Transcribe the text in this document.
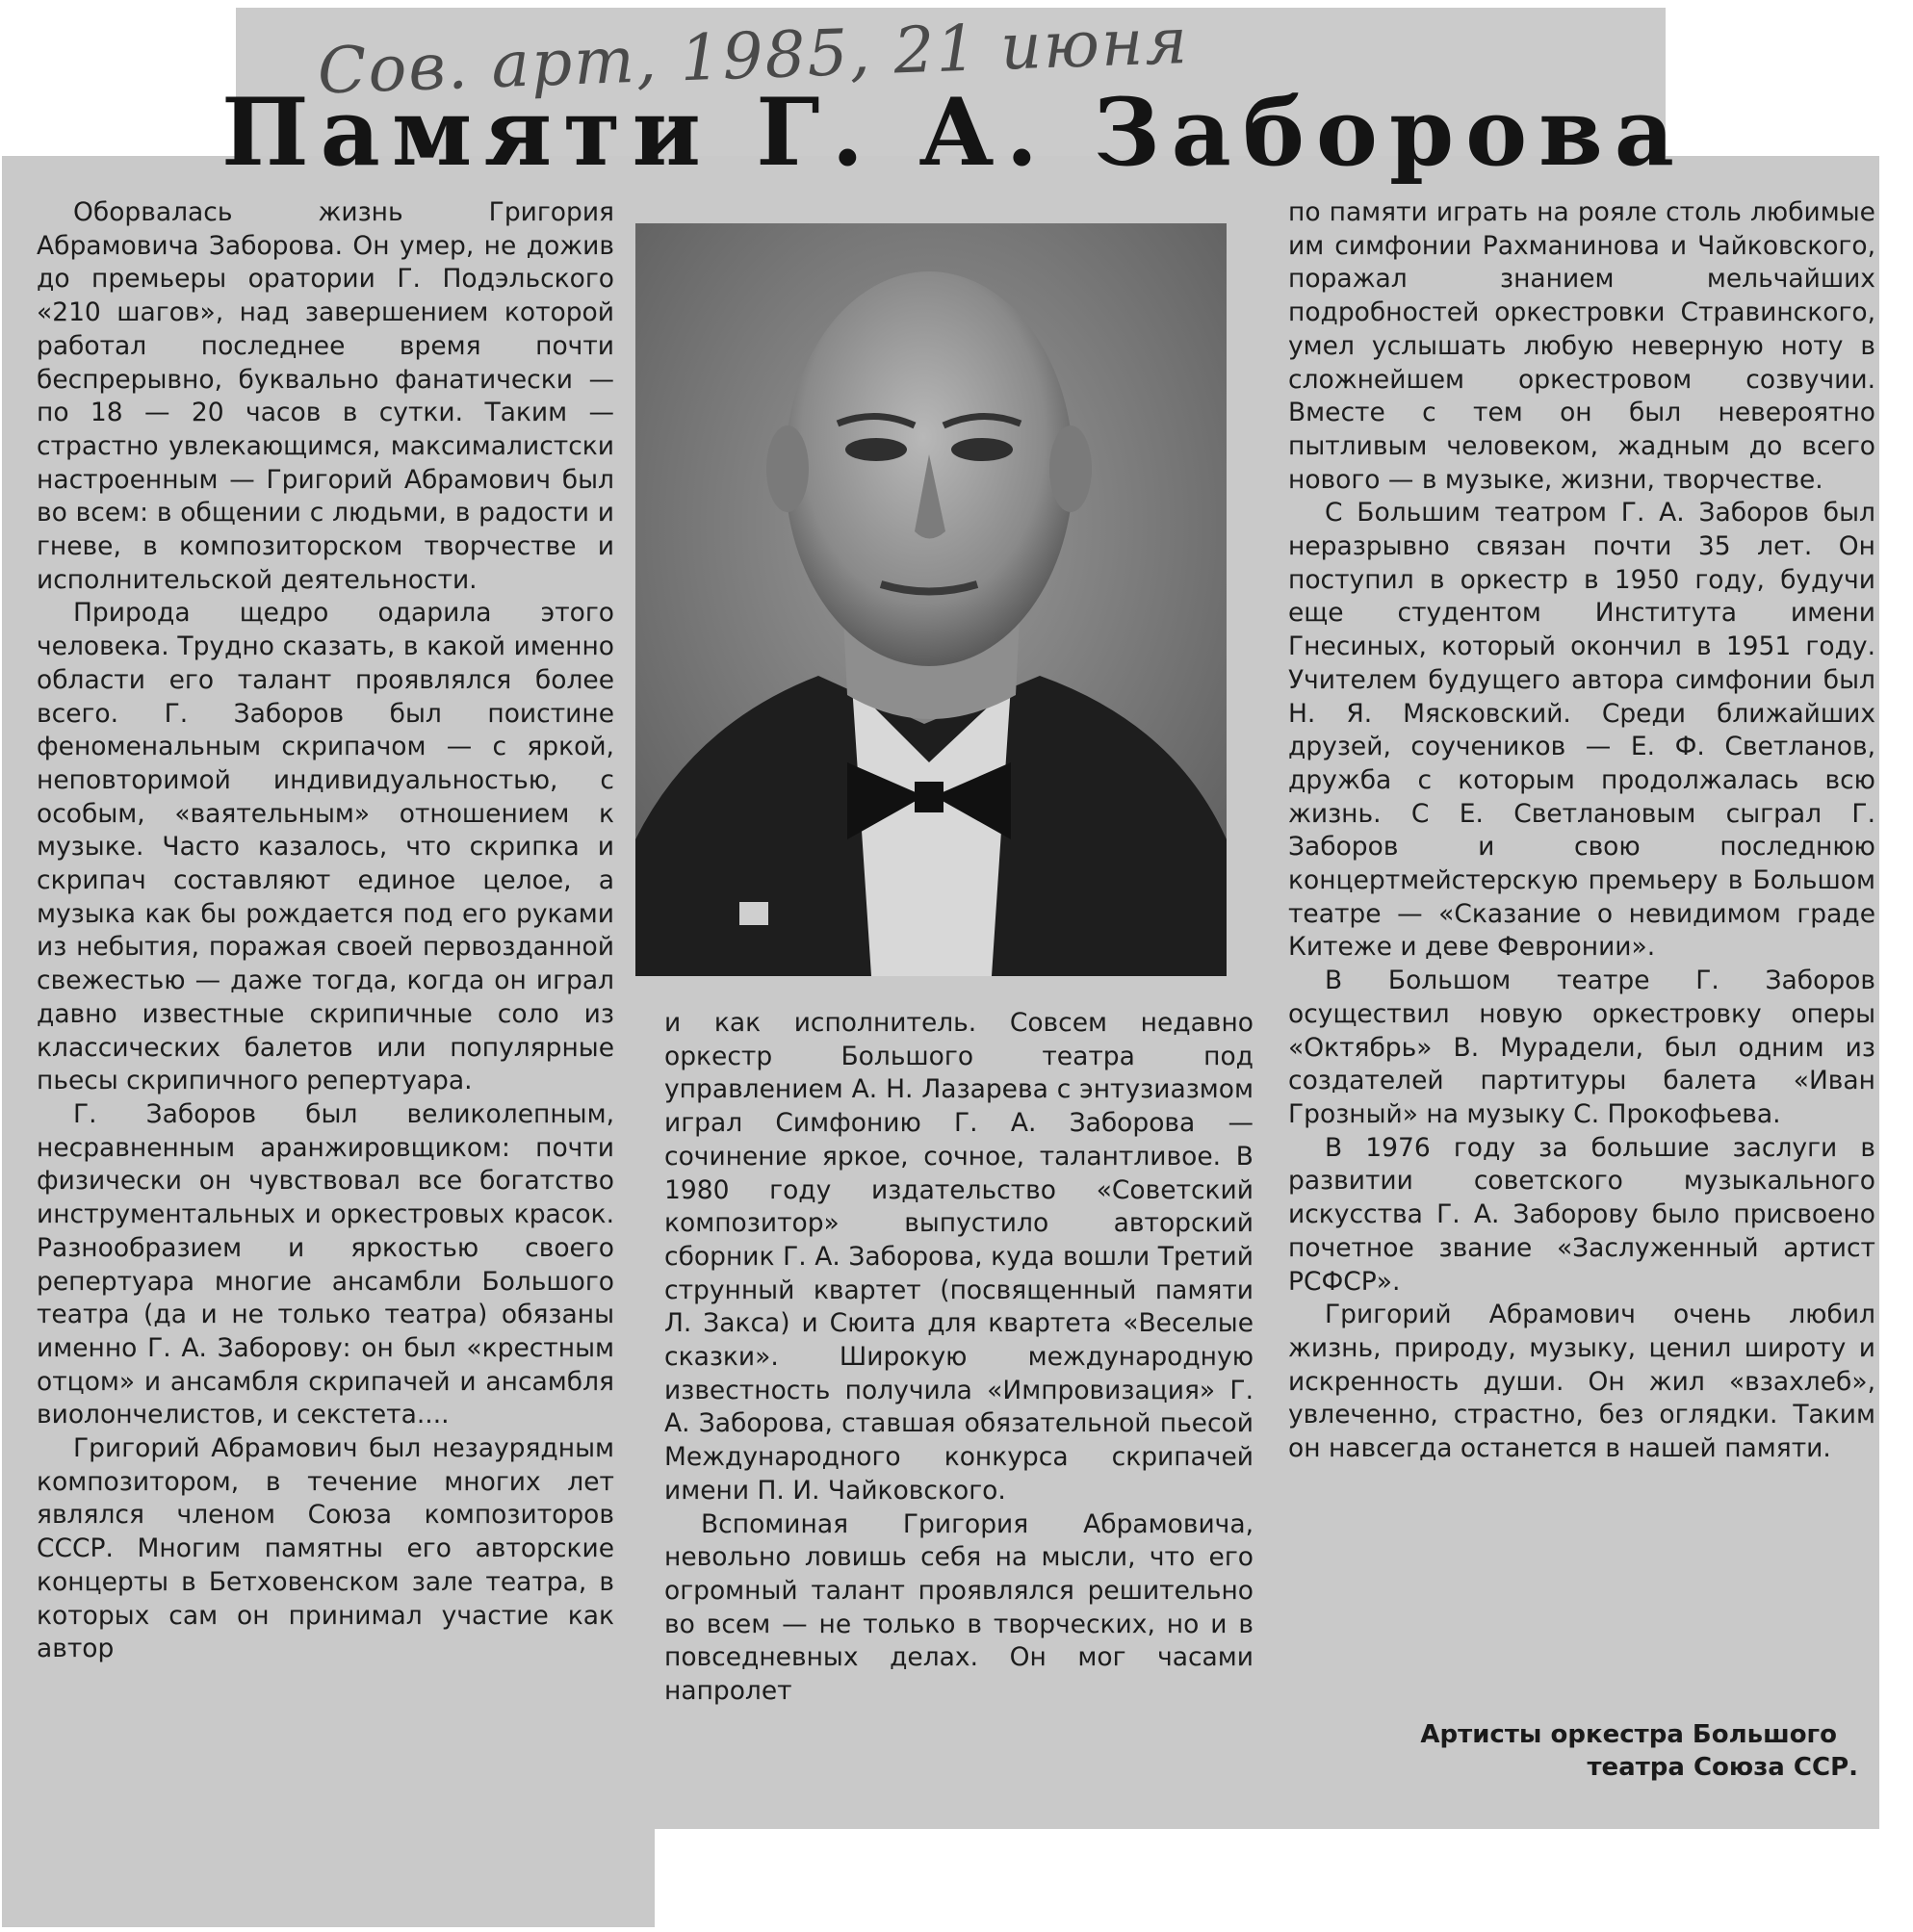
Сов. арт, 1985, 21 июня
Памяти Г. А. Заборова

Оборвалась жизнь Григория Абрамовича Заборова. Он умер, не дожив до премьеры оратории Г. Подэльского «210 шагов», над завершением которой работал последнее время почти беспрерывно, буквально фанатически — по 18 — 20 часов в сутки. Таким — страстно увлекающимся, максималистски настроенным — Григорий Абрамович был во всем: в общении с людьми, в радости и гневе, в композиторском творчестве и исполнительской деятельности.

Природа щедро одарила этого человека. Трудно сказать, в какой именно области его талант проявлялся более всего. Г. Заборов был поистине феноменальным скрипачом — с яркой, неповторимой индивидуальностью, с особым, «ваятельным» отношением к музыке. Часто казалось, что скрипка и скрипач составляют единое целое, а музыка как бы рождается под его руками из небытия, поражая своей первозданной свежестью — даже тогда, когда он играл давно известные скрипичные соло из классических балетов или популярные пьесы скрипичного репертуара.

Г. Заборов был великолепным, несравненным аранжировщиком: почти физически он чувствовал все богатство инструментальных и оркестровых красок. Разнообразием и яркостью своего репертуара многие ансамбли Большого театра (да и не только театра) обязаны именно Г. А. Заборову: он был «крестным отцом» и ансамбля скрипачей и ансамбля виолончелистов, и секстета....

Григорий Абрамович был незаурядным композитором, в течение многих лет являлся членом Союза композиторов СССР. Многим памятны его авторские концерты в Бетховенском зале театра, в которых сам он принимал участие как автор

и как исполнитель. Совсем недавно оркестр Большого театра под управлением А. Н. Лазарева с энтузиазмом играл Симфонию Г. А. Заборова — сочинение яркое, сочное, талантливое. В 1980 году издательство «Советский композитор» выпустило авторский сборник Г. А. Заборова, куда вошли Третий струнный квартет (посвященный памяти Л. Закса) и Сюита для квартета «Веселые сказки». Широкую международную известность получила «Импровизация» Г. А. Заборова, ставшая обязательной пьесой Международного конкурса скрипачей имени П. И. Чайковского.

Вспоминая Григория Абрамовича, невольно ловишь себя на мысли, что его огромный талант проявлялся решительно во всем — не только в творческих, но и в повседневных делах. Он мог часами напролет

по памяти играть на рояле столь любимые им симфонии Рахманинова и Чайковского, поражал знанием мельчайших подробностей оркестровки Стравинского, умел услышать любую неверную ноту в сложнейшем оркестровом созвучии. Вместе с тем он был невероятно пытливым человеком, жадным до всего нового — в музыке, жизни, творчестве.

С Большим театром Г. А. Заборов был неразрывно связан почти 35 лет. Он поступил в оркестр в 1950 году, будучи еще студентом Института имени Гнесиных, который окончил в 1951 году. Учителем будущего автора симфонии был Н. Я. Мясковский. Среди ближайших друзей, соучеников — Е. Ф. Светланов, дружба с которым продолжалась всю жизнь. С Е. Светлановым сыграл Г. Заборов и свою последнюю концертмейстерскую премьеру в Большом театре — «Сказание о невидимом граде Китеже и деве Февронии».

В Большом театре Г. Заборов осуществил новую оркестровку оперы «Октябрь» В. Мурадели, был одним из создателей партитуры балета «Иван Грозный» на музыку С. Прокофьева.

В 1976 году за большие заслуги в развитии советского музыкального искусства Г. А. Заборову было присвоено почетное звание «Заслуженный артист РСФСР».

Григорий Абрамович очень любил жизнь, природу, музыку, ценил широту и искренность души. Он жил «взахлеб», увлеченно, страстно, без оглядки. Таким он навсегда останется в нашей памяти.

Артисты оркестра Большого
театра Союза ССР.
